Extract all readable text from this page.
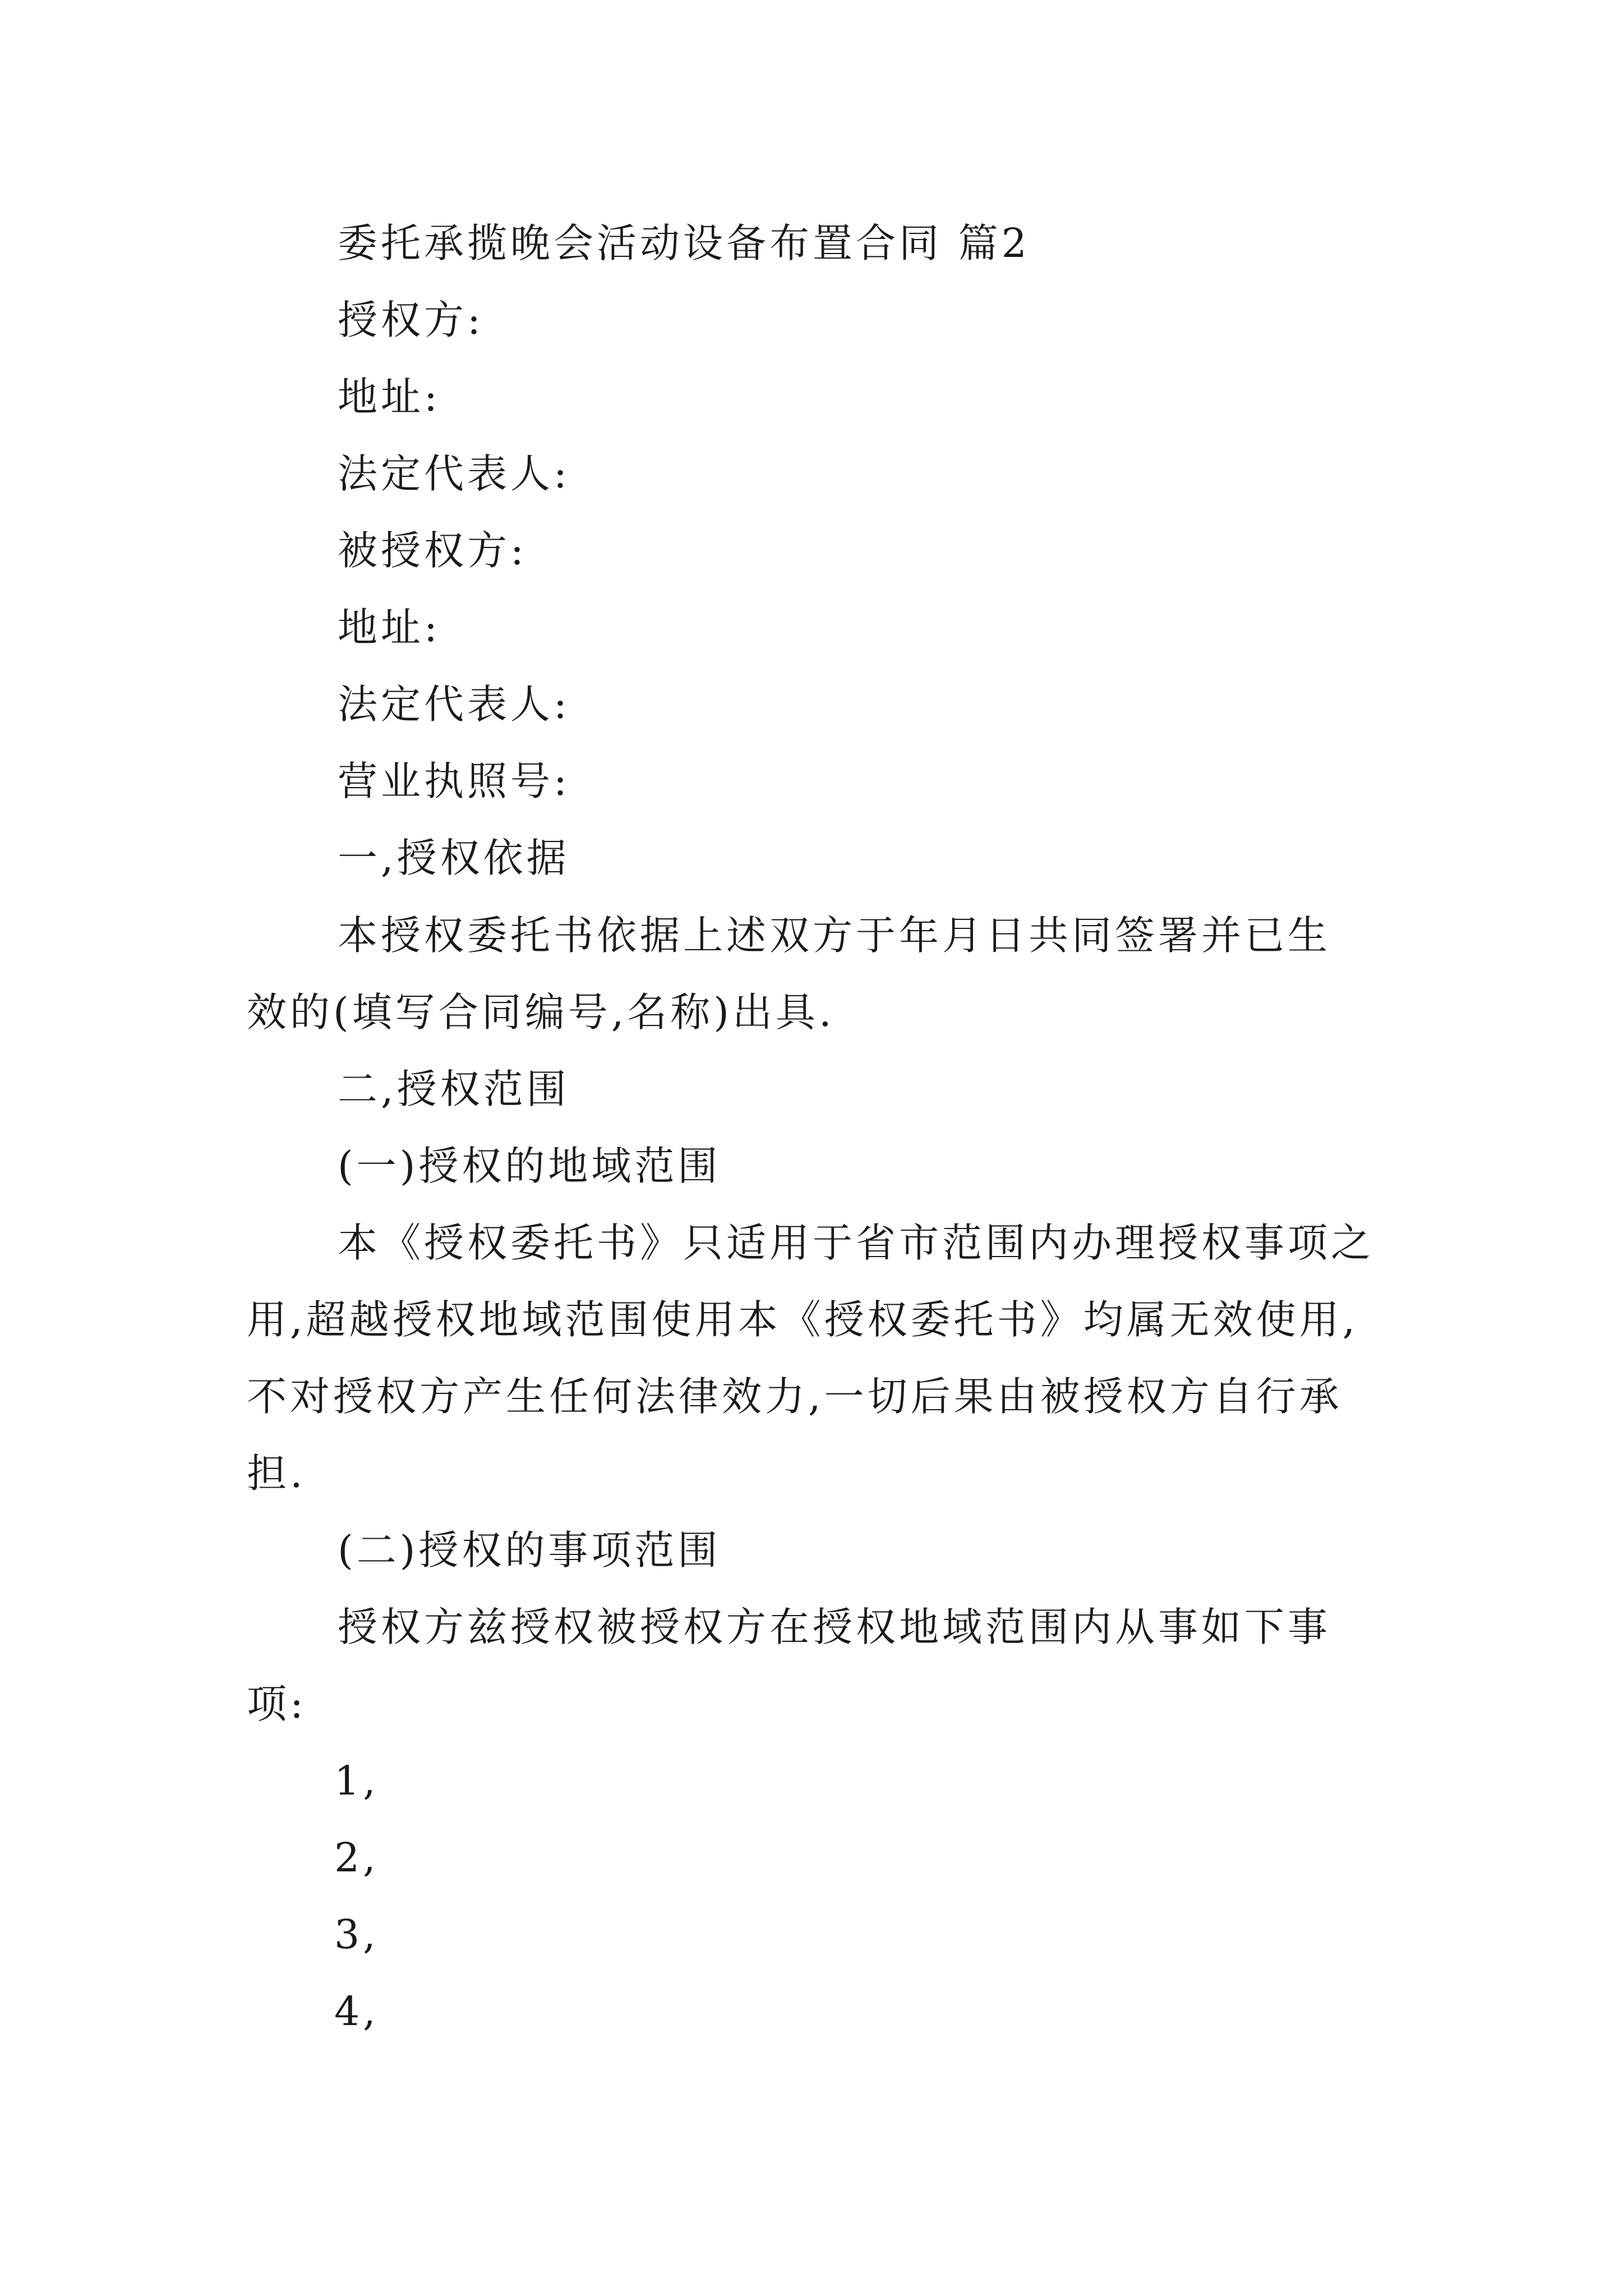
委托承揽晚会活动设备布置合同 篇2
授权方:
地址:
法定代表人:
被授权方:
地址:
法定代表人:
营业执照号:
一,授权依据
本授权委托书依据上述双方于年月日共同签署并已生
效的(填写合同编号,名称)出具.
二,授权范围
(一)授权的地域范围
本《授权委托书》只适用于省市范围内办理授权事项之
用,超越授权地域范围使用本《授权委托书》均属无效使用,
不对授权方产生任何法律效力,一切后果由被授权方自行承
担.
(二)授权的事项范围
授权方兹授权被授权方在授权地域范围内从事如下事
项:
1,
2,
3,
4,
